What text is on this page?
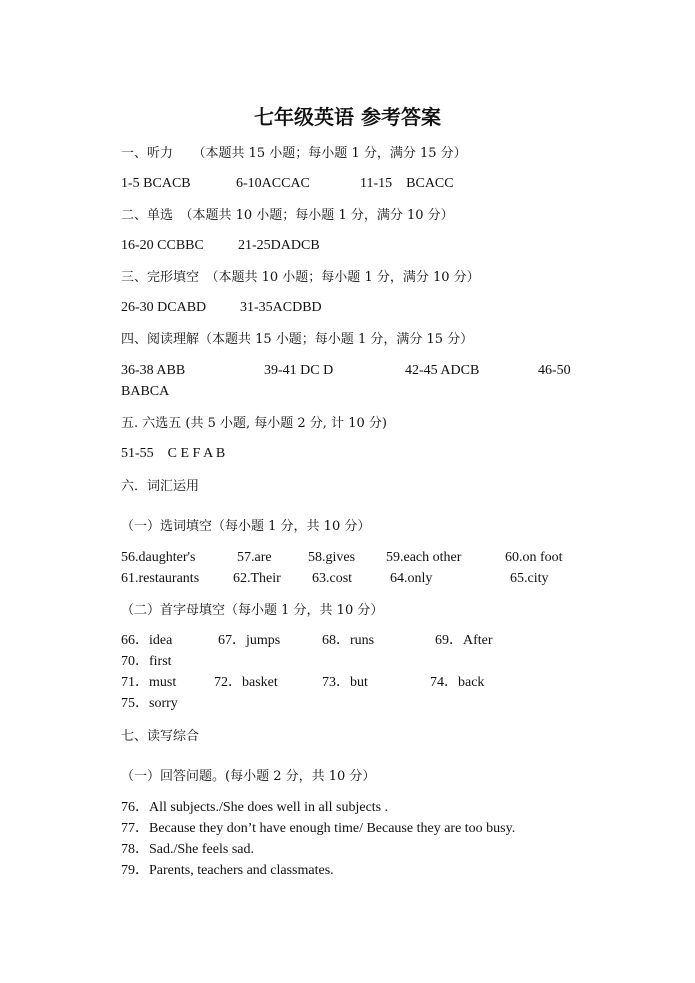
七年级英语 参考答案
一、听力　　（本题共 15 小题；每小题 1 分，满分 15 分）
1-5 BCACB	6-10ACCAC	11-15　BCACC
二、单选　（本题共 10 小题；每小题 1 分，满分 10 分）
16-20 CCBBC 21-25DADCB
三、完形填空　（本题共 10 小题；每小题 1 分，满分 10 分）
26-30 DCABD 31-35ACDBD
四、阅读理解（本题共 15 小题；每小题 1 分，满分 15 分）
36-38 ABB	39-41 DC D	42-45 ADCB	46-50
BABCA
五. 六选五 (共 5 小题, 每小题 2 分, 计 10 分)
51-55　C E F A B
六．词汇运用
（一）选词填空（每小题 1 分，共 10 分）
56.daughter's	57.are	58.gives 59.each other	60.on foot
61.restaurants 62.Their 63.cost	64.only	65.city
（二）首字母填空（每小题 1 分，共 10 分）
66．idea	67．jumps	68．runs	69．After
70．first
71．must	72．basket	73．but	74．back
75．sorry
七、读写综合
（一）回答问题。(每小题 2 分，共 10 分）
76．All subjects./She does well in all subjects .
77．Because they don’t have enough time/ Because they are too busy.
78．Sad./She feels sad.
79．Parents, teachers and classmates.
